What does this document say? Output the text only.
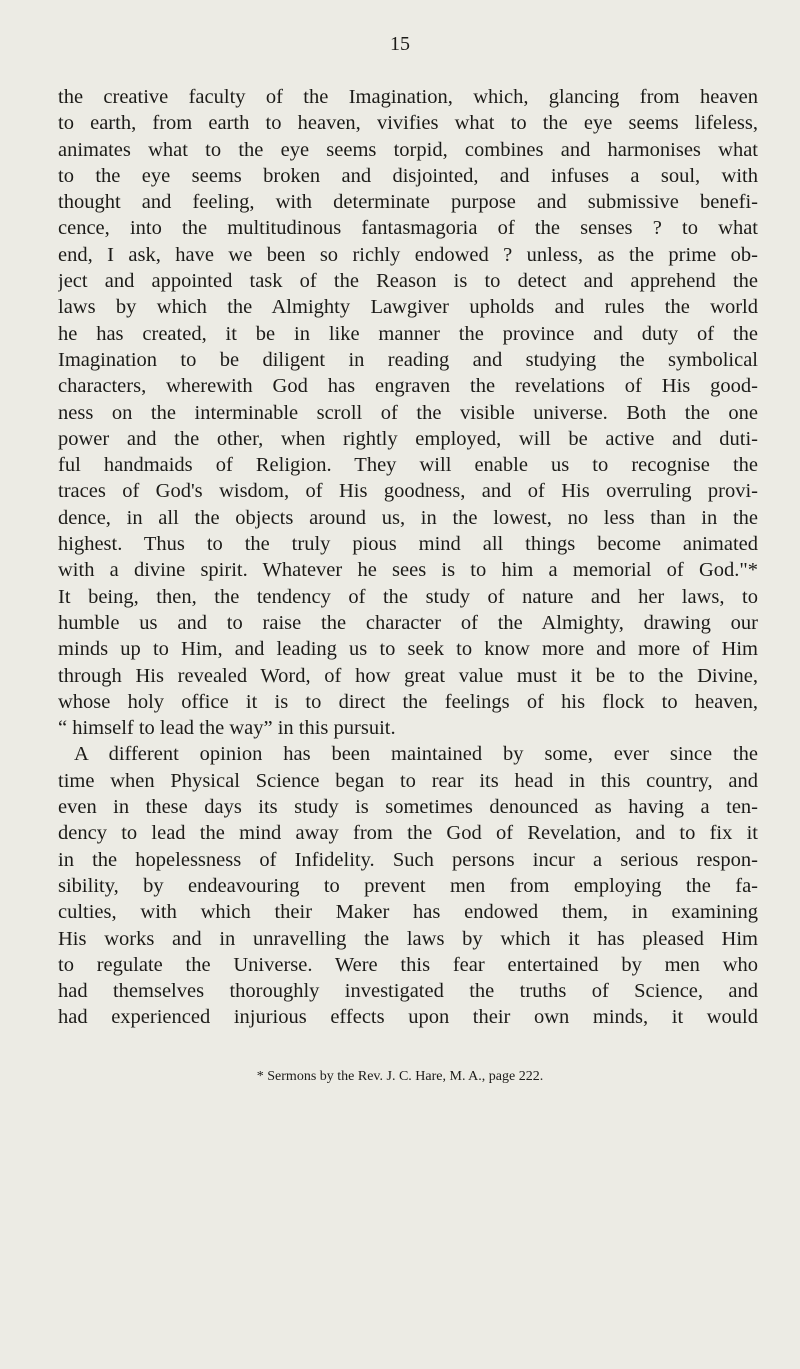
15
the creative faculty of the Imagination, which, glancing from heaven
to earth, from earth to heaven, vivifies what to the eye seems lifeless,
animates what to the eye seems torpid, combines and harmonises what
to the eye seems broken and disjointed, and infuses a soul, with
thought and feeling, with determinate purpose and submissive benefi-
cence, into the multitudinous fantasmagoria of the senses ? to what
end, I ask, have we been so richly endowed ? unless, as the prime ob-
ject and appointed task of the Reason is to detect and apprehend the
laws by which the Almighty Lawgiver upholds and rules the world
he has created, it be in like manner the province and duty of the
Imagination to be diligent in reading and studying the symbolical
characters, wherewith God has engraven the revelations of His good-
ness on the interminable scroll of the visible universe. Both the one
power and the other, when rightly employed, will be active and duti-
ful handmaids of Religion. They will enable us to recognise the
traces of God's wisdom, of His goodness, and of His overruling provi-
dence, in all the objects around us, in the lowest, no less than in the
highest. Thus to the truly pious mind all things become animated
with a divine spirit. Whatever he sees is to him a memorial of God."*
It being, then, the tendency of the study of nature and her laws, to
humble us and to raise the character of the Almighty, drawing our
minds up to Him, and leading us to seek to know more and more of Him
through His revealed Word, of how great value must it be to the Divine,
whose holy office it is to direct the feelings of his flock to heaven,
“ himself to lead the way” in this pursuit.
A different opinion has been maintained by some, ever since the
time when Physical Science began to rear its head in this country, and
even in these days its study is sometimes denounced as having a ten-
dency to lead the mind away from the God of Revelation, and to fix it
in the hopelessness of Infidelity. Such persons incur a serious respon-
sibility, by endeavouring to prevent men from employing the fa-
culties, with which their Maker has endowed them, in examining
His works and in unravelling the laws by which it has pleased Him
to regulate the Universe. Were this fear entertained by men who
had themselves thoroughly investigated the truths of Science, and
had experienced injurious effects upon their own minds, it would
* Sermons by the Rev. J. C. Hare, M. A., page 222.
